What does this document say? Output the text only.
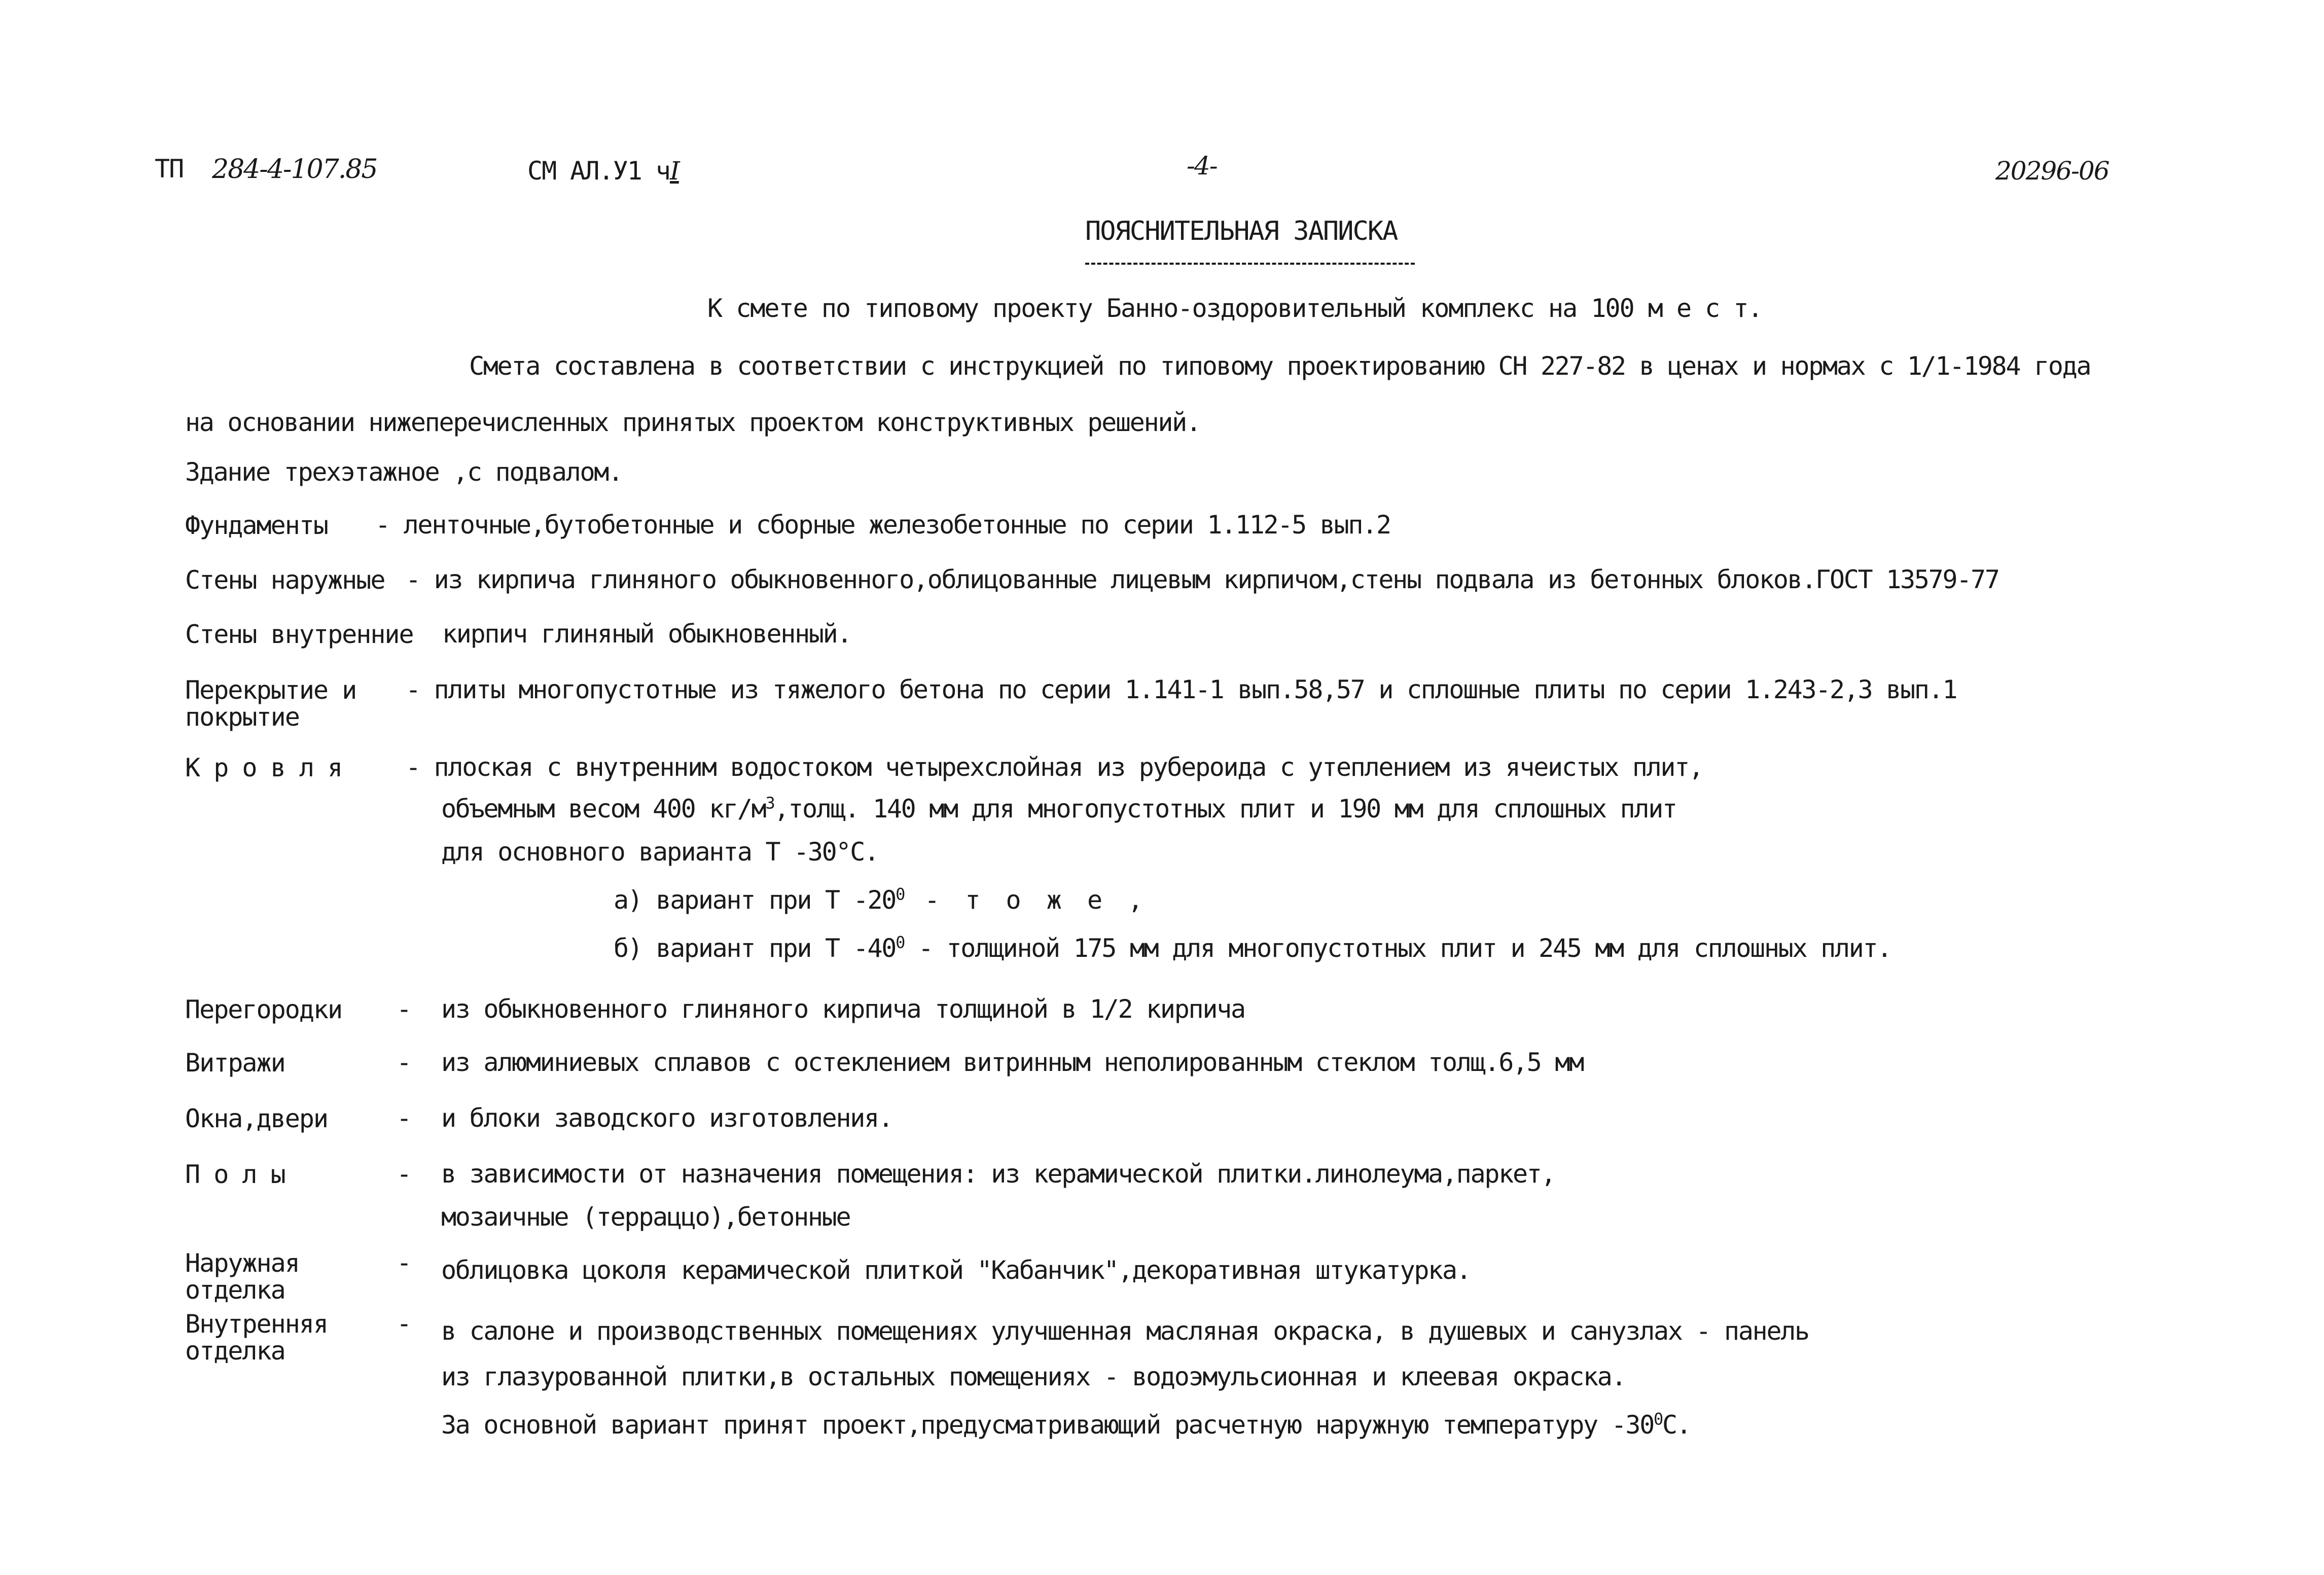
ТП 284-4-107.85	СМ АЛ.У1 чI	-4-	20296-06
ПОЯСНИТЕЛЬНАЯ ЗАПИСКА
К смете по типовому проекту Банно-оздоровительный комплекс на 100 м е с т.
Смета составлена в соответствии с инструкцией по типовому проектированию СН 227-82 в ценах и нормах с 1/1-1984 года
на основании нижеперечисленных принятых проектом конструктивных решений.
Здание трехэтажное ,с подвалом.
Фундаменты - ленточные,бутобетонные и сборные железобетонные по серии 1.112-5 вып.2
Стены наружные - из кирпича глиняного обыкновенного,облицованные лицевым кирпичом,стены подвала из бетонных блоков.ГОСТ 13579-77
Стены внутренние кирпич глиняный обыкновенный.
Перекрытие и
покрытие
- плиты многопустотные из тяжелого бетона по серии 1.141-1 вып.58,57 и сплошные плиты по серии 1.243-2,3 вып.1
К р о в л я	- плоская с внутренним водостоком четырехслойная из рубероида с утеплением из ячеистых плит,
объемным весом 400 $кг/м^3,толщ$. 140 мм для многопустотных плит и 190 мм для сплошных плит
для основного варианта Т -30°С.
а) вариант при Т $-20^0$ - т о ж е ,
б) вариант при Т $-40^0$ - толщиной 175 мм для многопустотных плит и 245 мм для сплошных плит.
Перегородки - из обыкновенного глиняного кирпича толщиной в 1/2 кирпича
Витражи	- из алюминиевых сплавов с остеклением витринным неполированным стеклом толщ.6,5 мм
Окна,двери	- и блоки заводского изготовления.
П о л ы	- в зависимости от назначения помещения: из керамической плитки.линолеума,паркет,
мозаичные (терраццо),бетонные
Наружная
отделка
- облицовка цоколя керамической плиткой "Кабанчик",декоративная штукатурка.
Внутренняя
отделка
- в салоне и производственных помещениях улучшенная масляная окраска, в душевых и санузлах - панель
из глазурованной плитки,в остальных помещениях - водоэмульсионная и клеевая окраска.
За основной вариант принят проект,предусматривающий расчетную наружную температуру $-30^0С$.
